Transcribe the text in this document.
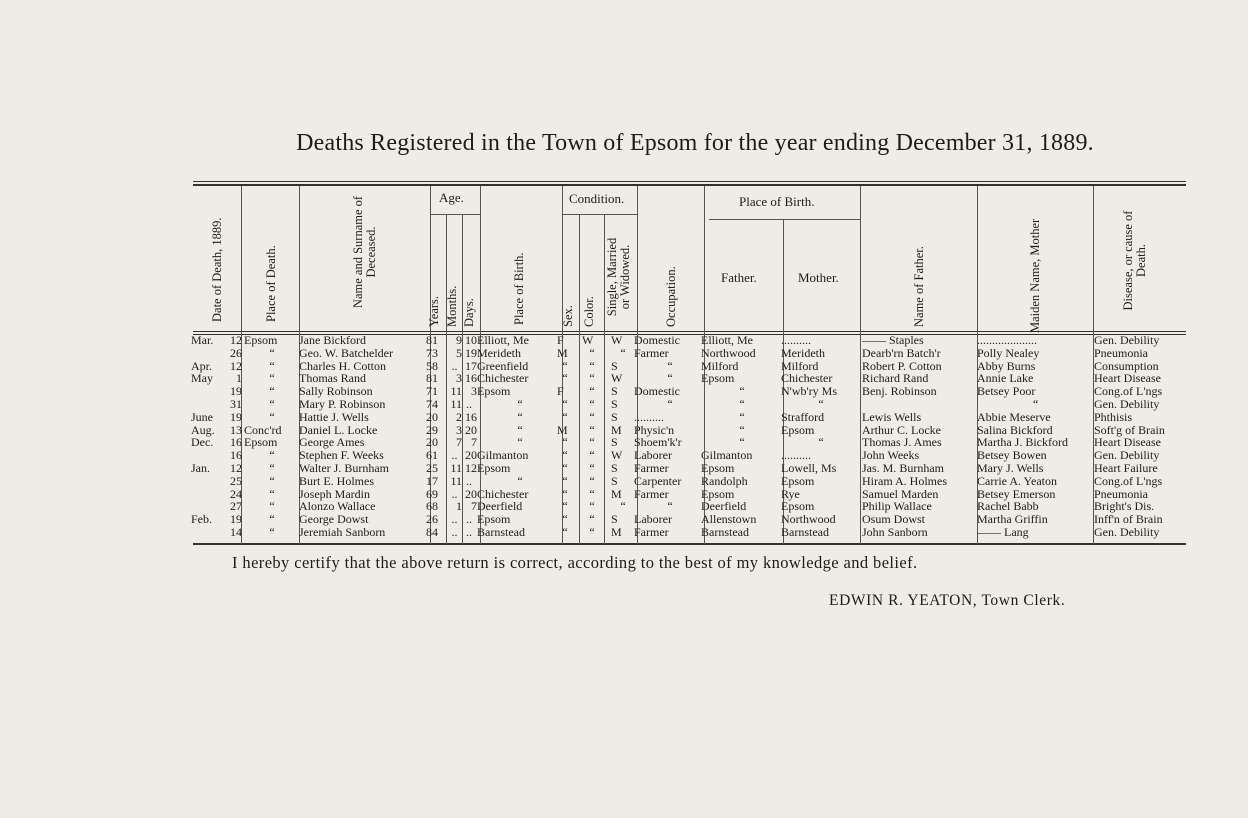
Deaths Registered in the Town of Epsom for the year ending December 31, 1889.
Date of Death, 1889.	Place of Death.	Name and Surname of Deceased.
Age.
Years. Months. Days.	Place of Birth.
Condition.
Sex. Color. Single, Married or Widowed.	Occupation.
Place of Birth.
Father.	Mother.	Name of Father.	Maiden Name, Mother	Disease, or cause of Death.
Mar.	12 Epsom	Jane Bickford	81	9 10 Elliott, Me	F	W	W Domestic	Elliott, Me	..........	—— Staples	....................	Gen. Debility
26	“	Geo. W. Batchelder	73	5 19 Merideth	M	“	“ Farmer	Northwood	Merideth	Dearb'rn Batch'r	Polly Nealey	Pneumonia
Apr.	12	“	Charles H. Cotton	58	.. 17 Greenfield	“	“	S	“	Milford	Milford	Robert P. Cotton	Abby Burns	Consumption
May	1	“	Thomas Rand	81	3 16 Chichester	“	“	W	“	Epsom	Chichester	Richard Rand	Annie Lake	Heart Disease
19	“	Sally Robinson	71	11 3 Epsom	F	“	S	Domestic	“	N'wb'ry Ms	Benj. Robinson	Betsey Poor	Cong.of L'ngs
31	“	Mary P. Robinson	74	11 ..	“	“	“	S	“	“	“	“	Gen. Debility
June	19	“	Hattie J. Wells	20	2 16	“	“	“	S	..........	“	Strafford	Lewis Wells	Abbie Meserve	Phthisis
Aug.	13 Conc'rd	Daniel L. Locke	29	3 20	“	M	“	M	Physic'n	“	Epsom	Arthur C. Locke	Salina Bickford	Soft'g of Brain
Dec.	16 Epsom	George Ames	20	7 7	“	“	“	S	Shoem'k'r	“	“	Thomas J. Ames	Martha J. Bickford	Heart Disease
16	“	Stephen F. Weeks	61	.. 20 Gilmanton	“	“	W Laborer	Gilmanton	..........	John Weeks	Betsey Bowen	Gen. Debility
Jan.	12	“	Walter J. Burnham	25	11 12 Epsom	“	“	S	Farmer	Epsom	Lowell, Ms	Jas. M. Burnham	Mary J. Wells	Heart Failure
25	“	Burt E. Holmes	17	11 ..	“	“	“	S	Carpenter	Randolph	Epsom	Hiram A. Holmes	Carrie A. Yeaton	Cong.of L'ngs
24	“	Joseph Mardin	69	.. 20 Chichester	“	“	M	Farmer	Epsom	Rye	Samuel Marden	Betsey Emerson	Pneumonia
27	“	Alonzo Wallace	68	1 7 Deerfield	“	“	“	“	Deerfield	Epsom	Philip Wallace	Rachel Babb	Bright's Dis.
Feb.	19	“	George Dowst	26	.. .. Epsom	“	“	S	Laborer	Allenstown	Northwood	Osum Dowst	Martha Griffin	Inff'n of Brain
14	“	Jeremiah Sanborn	84	.. .. Barnstead	“	“	M	Farmer	Barnstead	Barnstead	John Sanborn	—— Lang	Gen. Debility
I hereby certify that the above return is correct, according to the best of my knowledge and belief.
EDWIN R. YEATON, Town Clerk.
